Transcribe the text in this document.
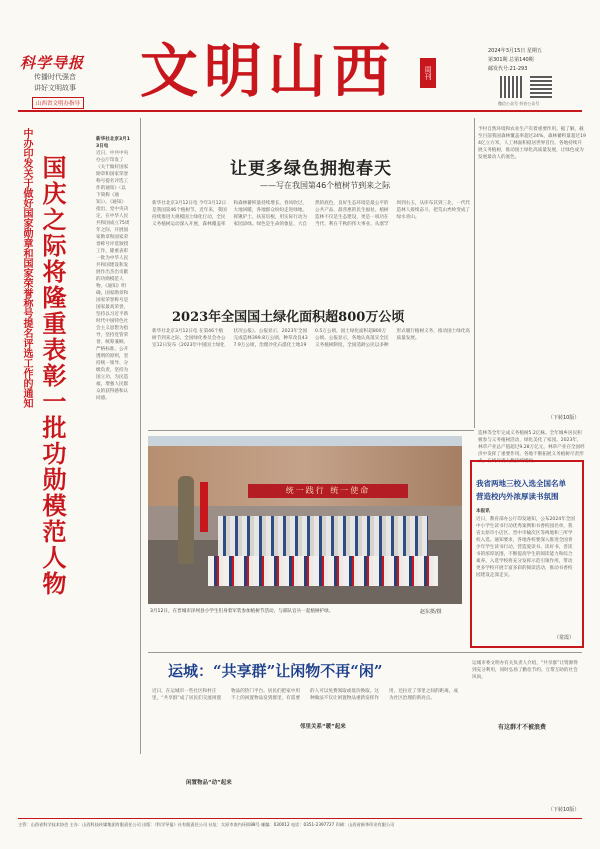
科学导报
传播时代强音
讲好文明故事
山西省文明办指导 文明山西	周刊
2024年3月15日 星期五
第301期 总第140期
邮发代号:21-293
微信公众号 抖音公众号
中办印发关于做好国家勋章和国家荣誉称号提名评选工作的通知 国庆之际将隆重表彰一批功勋模范人物
新华社北京3月13日电
近日，中共中央办公厅印发了《关于做好国家勋章和国家荣誉称号提名评选工作的通知》（以下简称《通知》）。《通知》指出，党中央决定，在中华人民共和国成立75周年之际，开展国家勋章和国家荣誉称号评选颁授工作，隆重表彰一批为中华人民共和国建设和发展作出杰出贡献的功勋模范人物。《通知》明确，国家勋章和国家荣誉称号是国家最高荣誉，坚持以习近平新时代中国特色社会主义思想为指导，坚持党管荣誉、统筹兼顾、严格标准、公开透明的原则，坚持统一领导、分级负责，坚持为国立功、为民造福，增强人民群众的获得感和认同感。
让更多绿色拥抱春天
——写在我国第46个植树节到来之际
新华社北京3月12日电 今年3月12日是我国第46个植树节。近年来，我国持续推进大规模国土绿化行动，全民义务植树运动深入开展，森林覆盖率和森林蓄积量持续增长。春风吹过，大地回暖，各地群众纷纷走进绿地，挥锹铲土、扶苗培根，用实际行动为家园添绿。绿色是生命的象征、大自然的底色，良好生态环境是最公平的公共产品、最普惠的民生福祉。植树造林不仅是生态建设，更是一项功在当代、利在千秋的伟大事业。从塞罕坝到右玉，从库布其到三北，一代代造林人接续奋斗，把荒山秃岭变成了绿水青山。
予村自然环境和农业生产有着重要作用。据了解，截至目前我国森林覆盖率超过24%，森林蓄积量超过194亿立方米，人工林面积稳居世界首位。各地持续开展义务植树，推动国土绿化高质量发展，让绿色成为发展最动人的底色。
（下转10版）
2023年全国国土绿化面积超800万公顷
新华社北京3月12日电 在第46个植树节到来之际，全国绿化委员会办公室12日发布《2023年中国国土绿化状况公报》。公报显示，2023年全国完成造林399.8万公顷、种草改良437.9万公顷，治理沙化石漠化土地190.5万公顷，国土绿化面积超800万公顷。公报显示，各地认真落实全民义务植树制度，全国适龄公民以多种形式履行植树义务，推动国土绿化高质量发展。
造林等全年完成义务植树5.2亿株。全年城乡居民积极参与义务植树活动，绿化美化了家园。2023年，林草产业总产值超过9.28万亿元，林草产业在全国经济中发挥了重要作用。各地不断拓展义务植树尽责形式，在线尽责人数持续增加。
统一践行 统一使命
3月12日，在晋城市泽州县小学生们身着军装参加植树节活动，与部队官兵一起植树护绿。	赵东摄/摄
我省两地三校入选全国名单
营造校内外浓厚读书氛围
本报讯
近日，教育部办公厅印发通知，公布2024年全国中小学生读书行动优秀案例和书香校园名单，我省太原市小店区、晋中市榆次区等两地和三所学校入选。通知要求，各地各校要深入推进全国青少年学生读书行动，营造爱读书、读好书、善读书的浓厚氛围，不断提高学生的阅读能力和综合素养。入选学校将充分发挥示范引领作用，带动更多学校开展丰富多彩的阅读活动，推动书香校园建设走深走实。
（常霞）
运城：“共享群”让闲物不再“闲”
近日，在运城市一些社区和村庄里，“共享群”成了居民们交流闲置物品的热门平台。居民们把家中用不上的闲置物品发到群里，有需要的人可以免费领取或低价换取。这种做法不仅让闲置物品重新发挥作用，还拉近了邻里之间的距离，成为社区治理的新亮点。
闲置物品“动”起来
邻里关系“暖”起来
运城市委文明办有关负责人介绍，“共享群”让资源得到充分利用，同时弘扬了勤俭节约、互帮互助的社会风尚。
有这群才不被浪费
（下转10版）
主管：山西省科学技术协会 主办：山西科技传媒集团有限责任公司 出版：《科学导报》社有限责任公司 社址：太原市南内环街88号 邮编：030012 电话：0351-2397727 印刷：山西省新华印业有限公司
